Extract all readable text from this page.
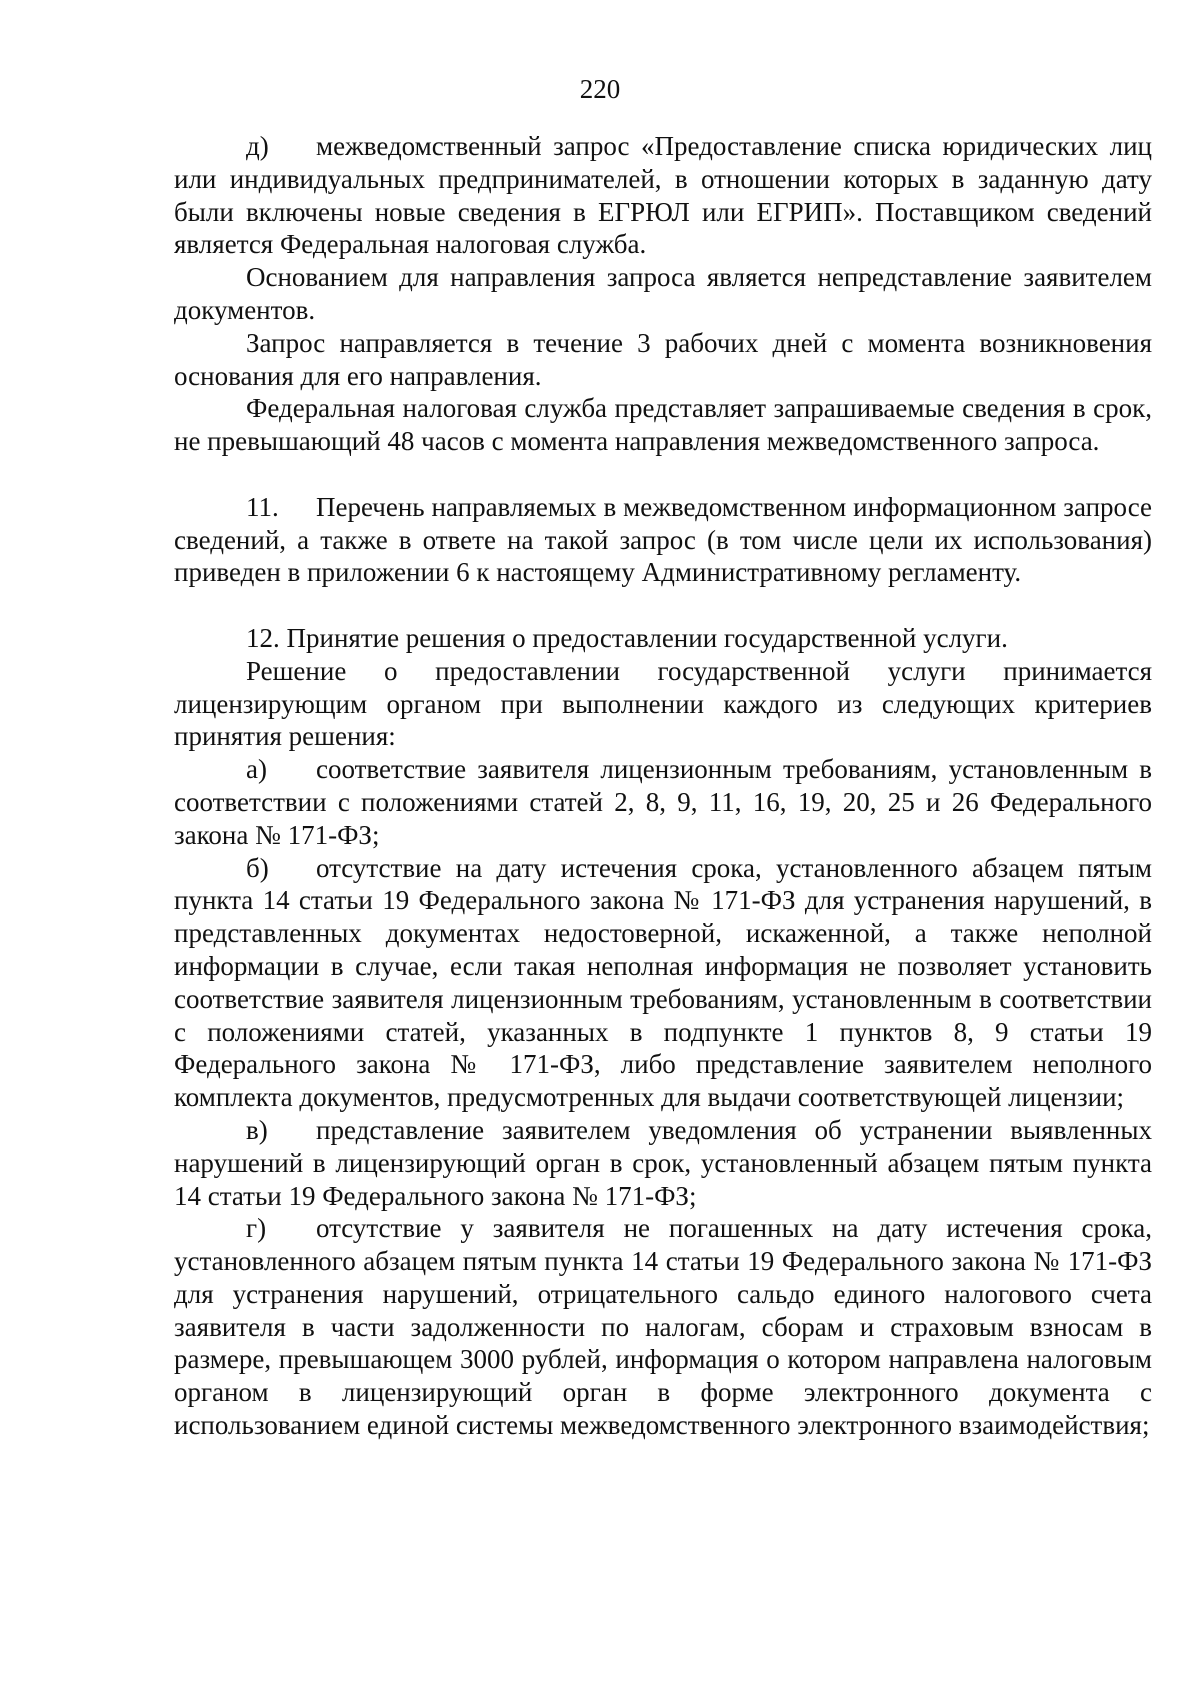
220

д) межведомственный запрос «Предоставление списка юридических лиц или индивидуальных предпринимателей, в отношении которых в заданную дату были включены новые сведения в ЕГРЮЛ или ЕГРИП». Поставщиком сведений является Федеральная налоговая служба.

Основанием для направления запроса является непредставление заявителем документов.

Запрос направляется в течение 3 рабочих дней с момента возникновения основания для его направления.

Федеральная налоговая служба представляет запрашиваемые сведения в срок, не превышающий 48 часов с момента направления межведомственного запроса.

11. Перечень направляемых в межведомственном информационном запросе сведений, а также в ответе на такой запрос (в том числе цели их использования) приведен в приложении 6 к настоящему Административному регламенту.

12. Принятие решения о предоставлении государственной услуги.

Решение о предоставлении государственной услуги принимается лицензирующим органом при выполнении каждого из следующих критериев принятия решения:

а) соответствие заявителя лицензионным требованиям, установленным в соответствии с положениями статей 2, 8, 9, 11, 16, 19, 20, 25 и 26 Федерального закона № 171-ФЗ;

б) отсутствие на дату истечения срока, установленного абзацем пятым пункта 14 статьи 19 Федерального закона № 171-ФЗ для устранения нарушений, в представленных документах недостоверной, искаженной, а также неполной информации в случае, если такая неполная информация не позволяет установить соответствие заявителя лицензионным требованиям, установленным в соответствии с положениями статей, указанных в подпункте 1 пунктов 8, 9 статьи 19 Федерального закона № 171-ФЗ, либо представление заявителем неполного комплекта документов, предусмотренных для выдачи соответствующей лицензии;

в) представление заявителем уведомления об устранении выявленных нарушений в лицензирующий орган в срок, установленный абзацем пятым пункта 14 статьи 19 Федерального закона № 171-ФЗ;

г) отсутствие у заявителя не погашенных на дату истечения срока, установленного абзацем пятым пункта 14 статьи 19 Федерального закона № 171-ФЗ для устранения нарушений, отрицательного сальдо единого налогового счета заявителя в части задолженности по налогам, сборам и страховым взносам в размере, превышающем 3000 рублей, информация о котором направлена налоговым органом в лицензирующий орган в форме электронного документа с использованием единой системы межведомственного электронного взаимодействия;
